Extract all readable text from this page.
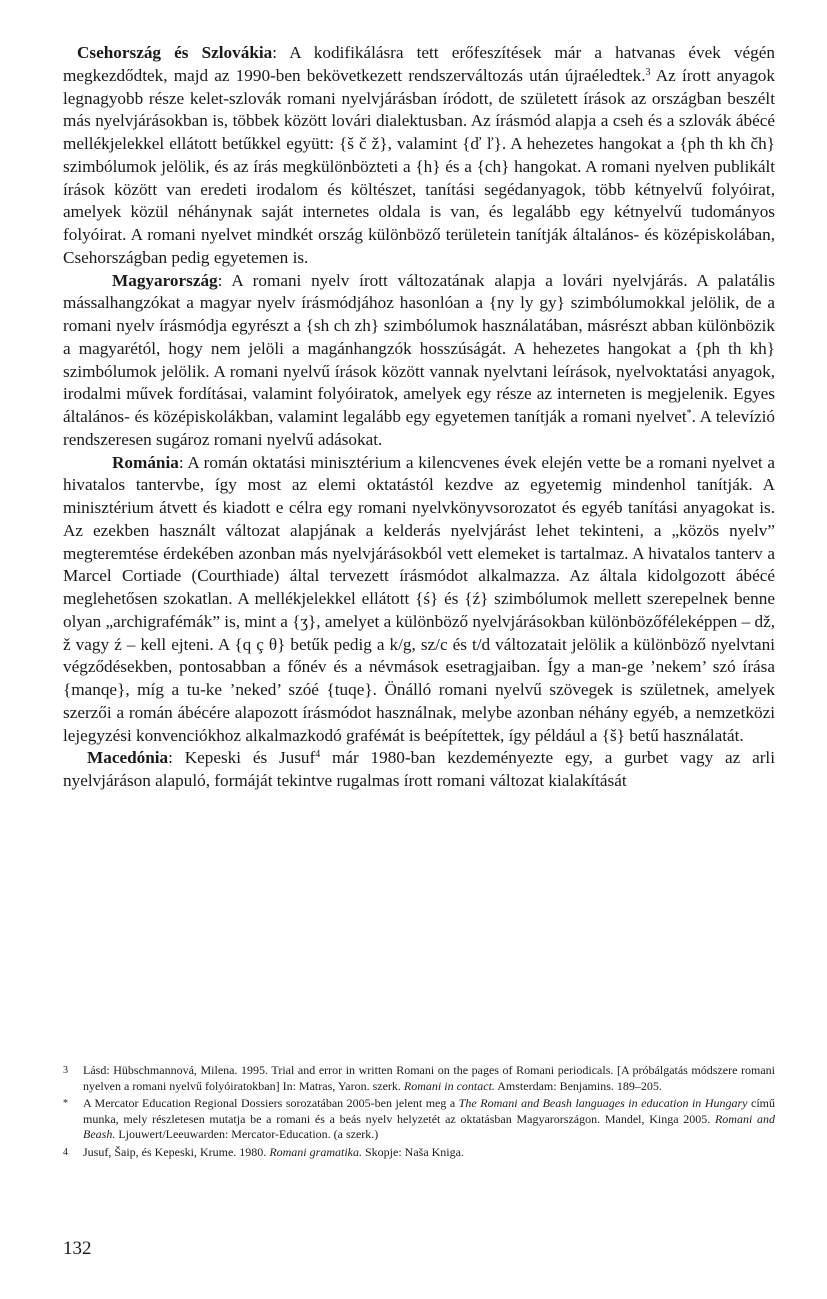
Csehország és Szlovákia: A kodifikálásra tett erőfeszítések már a hatvanas évek végén megkezdődtek, majd az 1990-ben bekövetkezett rendszerváltozás után újraéledtek.$^3$ Az írott anyagok legnagyobb része kelet-szlovák romani nyelvjárásban íródott, de született írások az országban beszélt más nyelvjárásokban is, többek között lovári dialektusban. Az írásmód alapja a cseh és a szlovák ábécé mellékjelekkel ellátott betűkkel együtt: {š č ž}, valamint {ď ľ}. A hehezetes hangokat a {ph th kh čh} szimbólumok jelölik, és az írás megkülönbözteti a {h} és a {ch} hangokat. A romani nyelven publikált írások között van eredeti irodalom és költészet, tanítási segédanyagok, több kétnyelvű folyóirat, amelyek közül néhánynak saját internetes oldala is van, és legalább egy kétnyelvű tudományos folyóirat. A romani nyelvet mindkét ország különböző területein tanítják általános- és középiskolában, Csehországban pedig egyetemen is.

Magyarország: A romani nyelv írott változatának alapja a lovári nyelvjárás. A palatális mássalhangzókat a magyar nyelv írásmódjához hasonlóan a {ny ly gy} szimbólumokkal jelölik, de a romani nyelv írásmódja egyrészt a {sh ch zh} szimbólumok használatában, másrészt abban különbözik a magyarétól, hogy nem jelöli a magánhangzók hosszúságát. A hehezetes hangokat a {ph th kh} szimbólumok jelölik. A romani nyelvű írások között vannak nyelvtani leírások, nyelvoktatási anyagok, irodalmi művek fordításai, valamint folyóiratok, amelyek egy része az interneten is megjelenik. Egyes általános- és középiskolákban, valamint legalább egy egyetemen tanítják a romani nyelvet*. A televízió rendszeresen sugároz romani nyelvű adásokat.

Románia: A román oktatási minisztérium a kilencvenes évek elején vette be a romani nyelvet a hivatalos tantervbe, így most az elemi oktatástól kezdve az egyetemig mindenhol tanítják. A minisztérium átvett és kiadott e célra egy romani nyelvkönyvsorozatot és egyéb tanítási anyagokat is. Az ezekben használt változat alapjának a kelderás nyelvjárást lehet tekinteni, a „közös nyelv” megteremtése érdekében azonban más nyelvjárásokból vett elemeket is tartalmaz. A hivatalos tanterv a Marcel Cortiade (Courthiade) által tervezett írásmódot alkalmazza. Az általa kidolgozott ábécé meglehetősen szokatlan. A mellékjelekkel ellátott {ś} és {ź} szimbólumok mellett szerepelnek benne olyan „archigrafémák” is, mint a {ʒ}, amelyet a különböző nyelvjárásokban különbözőféleképpen – dž, ž vagy ź – kell ejteni. A {q ç θ} betűk pedig a k/g, sz/c és t/d változatait jelölik a különböző nyelvtani végződésekben, pontosabban a főnév és a névmások esetragjaiban. Így a man-ge ’nekem’ szó írása {manqe}, míg a tu-ke ’neked’ szóé {tuqe}. Önálló romani nyelvű szövegek is születnek, amelyek szerzői a román ábécére alapozott írásmódot használnak, melybe azonban néhány egyéb, a nemzetközi lejegyzési konvenciókhoz alkalmazkodó graféмát is beépítettek, így például a {š} betű használatát.

Macedónia: Kepeski és Jusuf$^4$ már 1980-ban kezdeményezte egy, a gurbet vagy az arli nyelvjáráson alapuló, formáját tekintve rugalmas írott romani változat kialakítását

3 Lásd: Hübschmannová, Milena. 1995. Trial and error in written Romani on the pages of Romani periodicals. [A próbálgatás módszere romani nyelven a romani nyelvű folyóiratokban] In: Matras, Yaron. szerk. Romani in contact. Amsterdam: Benjamins. 189–205.
* A Mercator Education Regional Dossiers sorozatában 2005-ben jelent meg a The Romani and Beash languages in education in Hungary című munka, mely részletesen mutatja be a romani és a beás nyelv helyzetét az oktatásban Magyarországon. Mandel, Kinga 2005. Romani and Beash. Ljouwert/Leeuwarden: Mercator-Education. (a szerk.)
4 Jusuf, Šaip, és Kepeski, Krume. 1980. Romani gramatika. Skopje: Naša Kniga.
132
